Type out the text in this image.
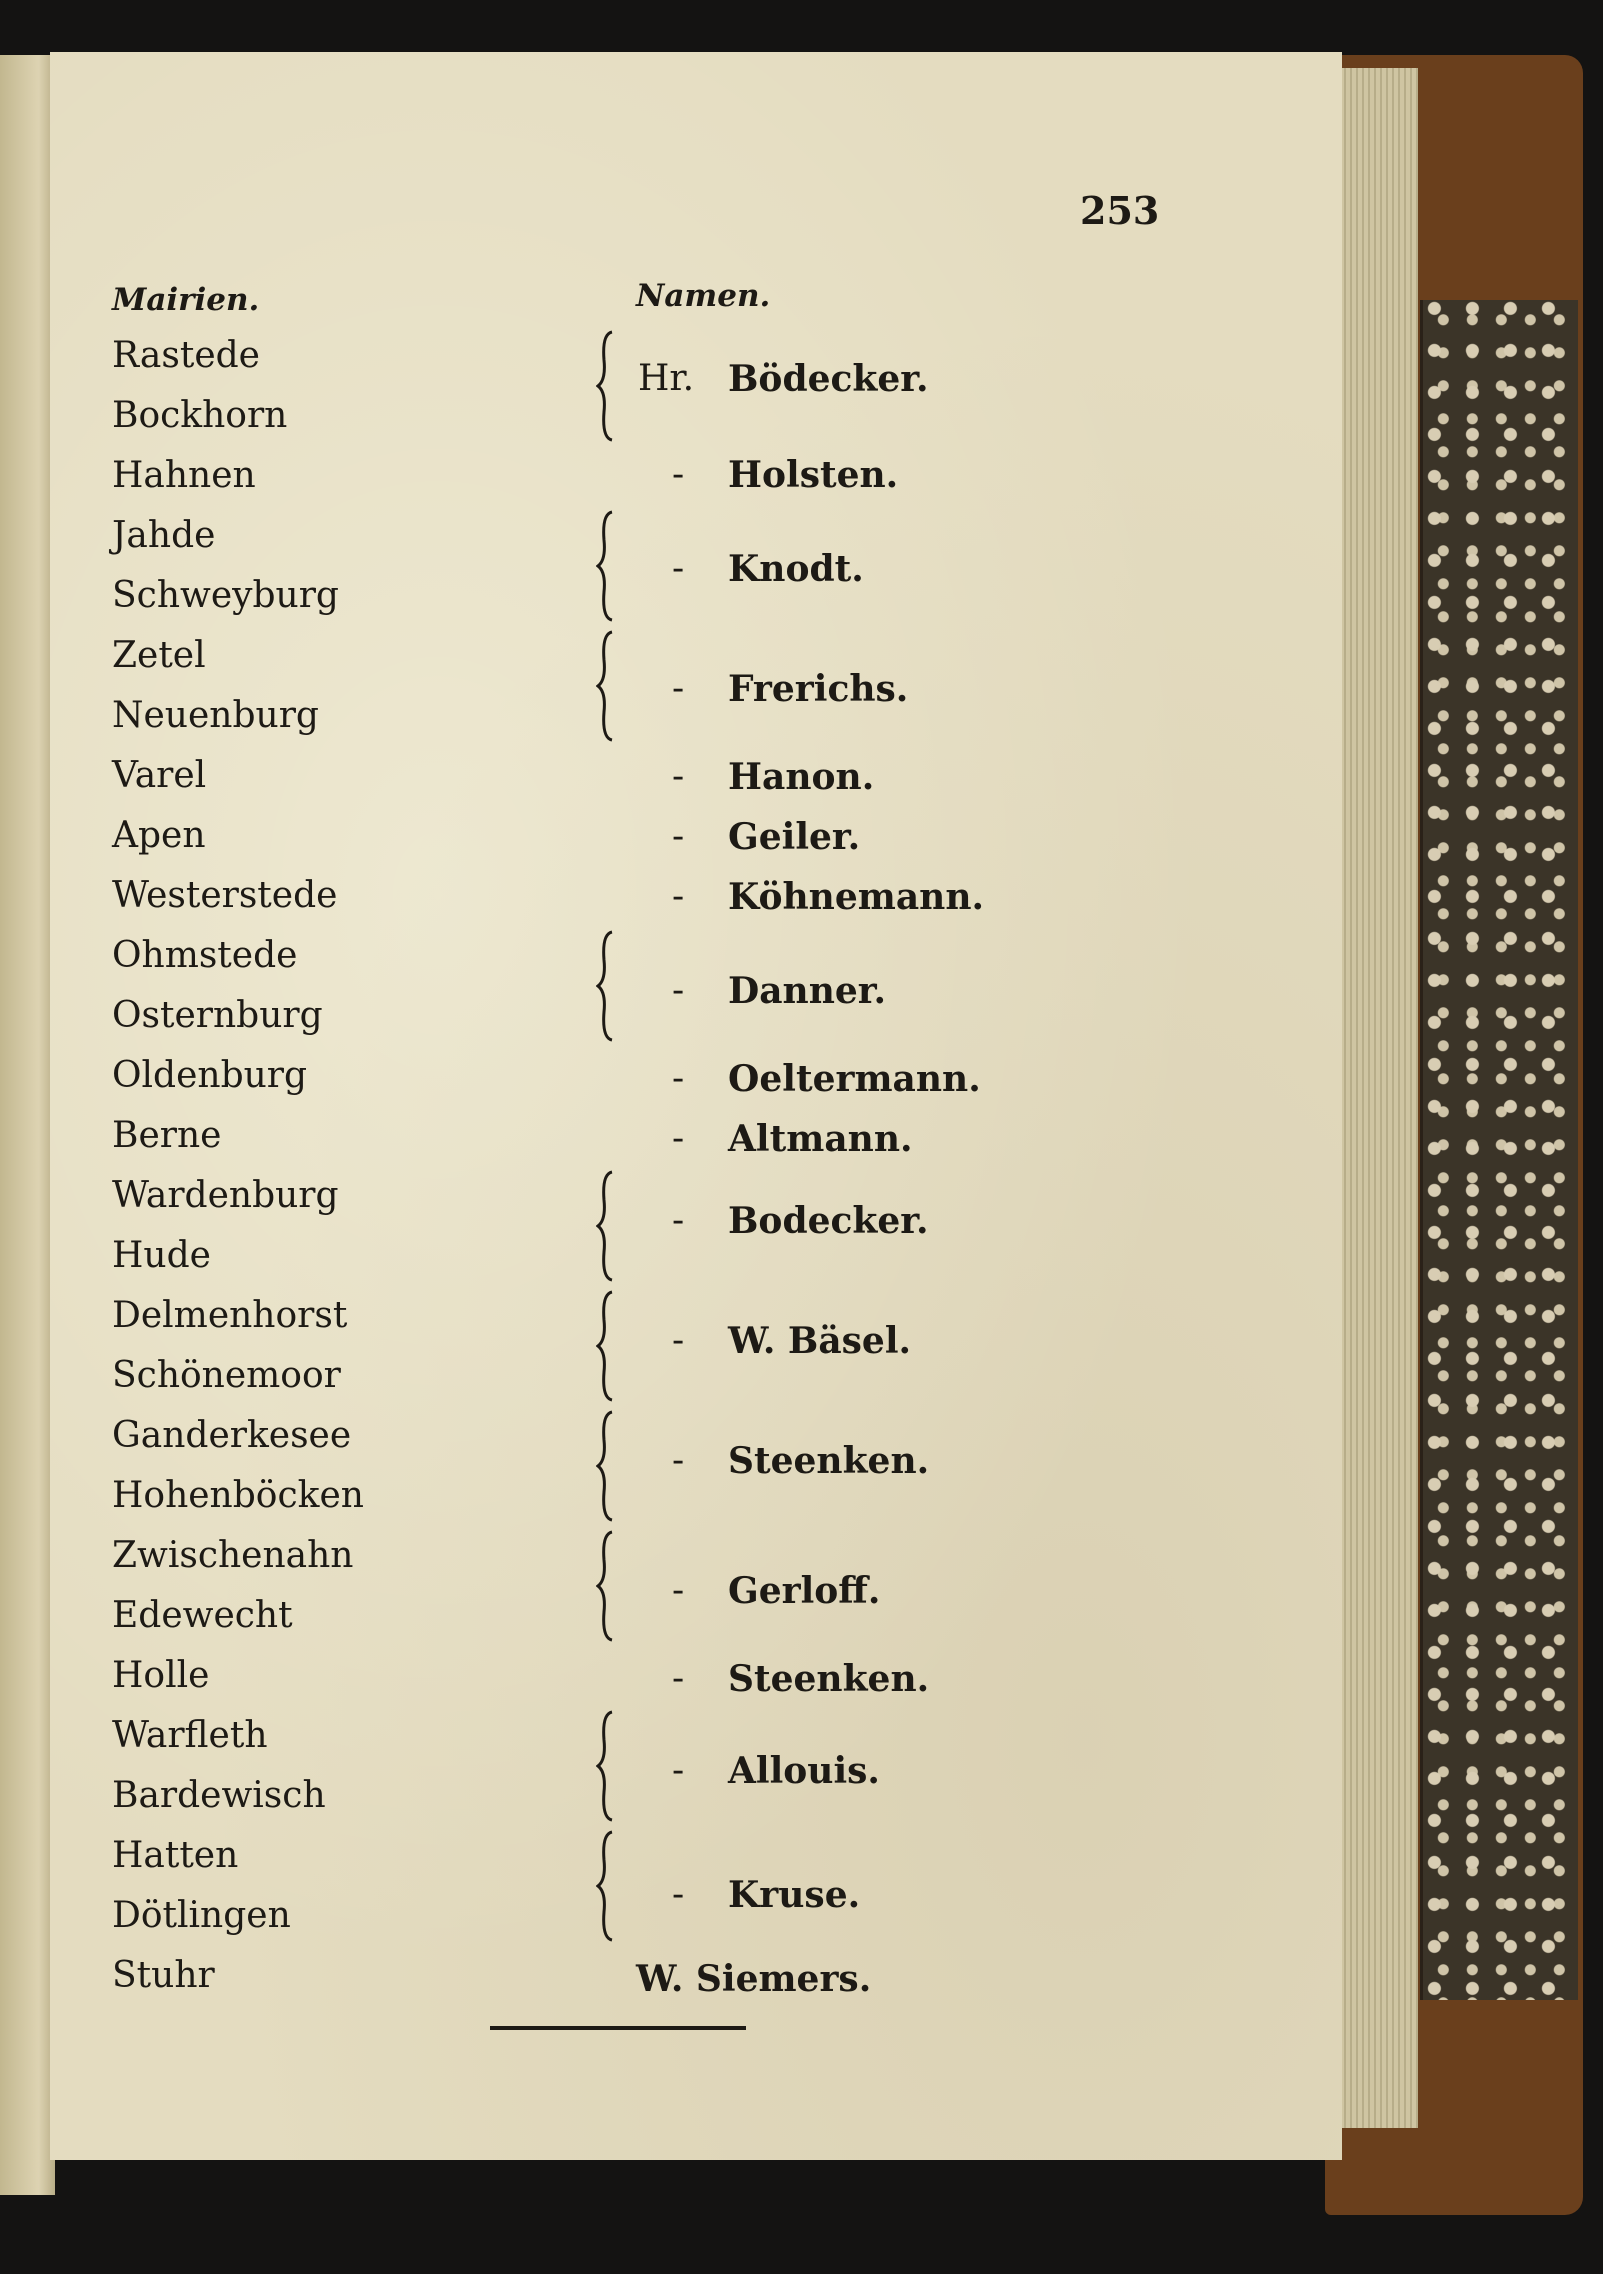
253
Mairien.	Namen.
Rastede
Bockhorn
Hahnen
Jahde
Schweyburg
Zetel
Neuenburg
Varel
Apen
Westerstede
Ohmstede
Osternburg
Oldenburg
Berne
Wardenburg
Hude
Delmenhorst
Schönemoor
Ganderkesee
Hohenböcken
Zwischenahn
Edewecht
Holle
Warfleth
Bardewisch
Hatten
Dötlingen
Stuhr
Hr. Bödecker.
- Holsten.
- Knodt.
- Frerichs.
- Hanon.
- Geiler.
- Köhnemann.
- Danner.
- Oeltermann.
- Altmann.
- Bodecker.
- W. Bäsel.
- Steenken.
- Gerloff.
- Steenken.
- Allouis.
- Kruse.
W. Siemers.
